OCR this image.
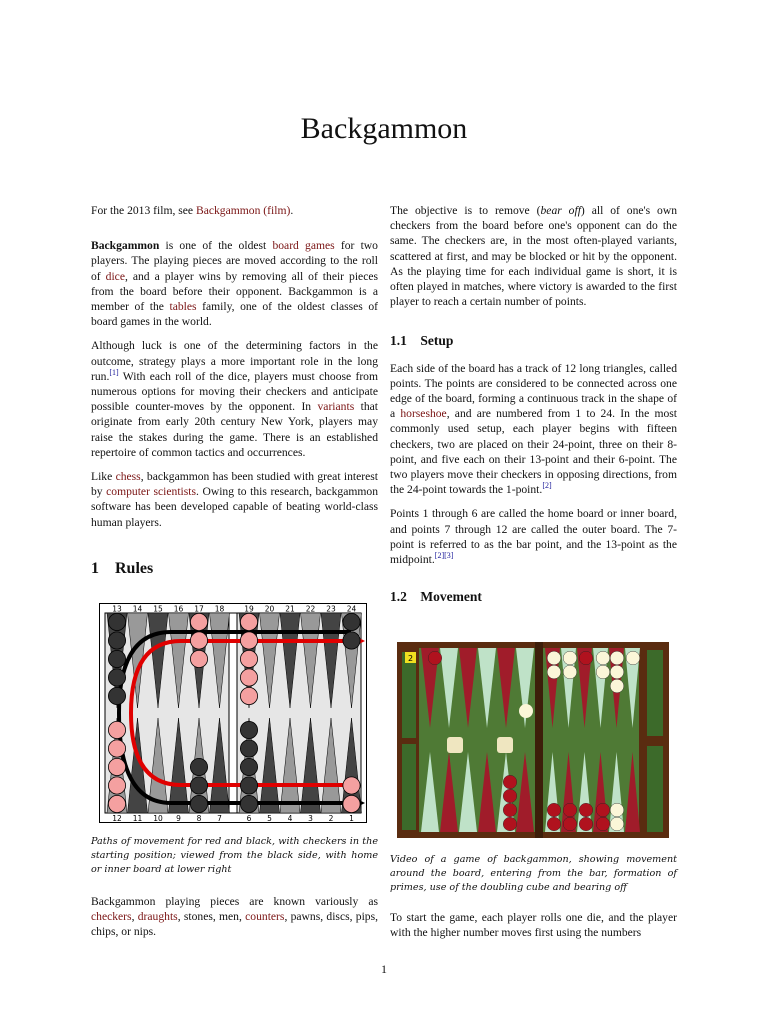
Backgammon

For the 2013 film, see Backgammon (film).

Backgammon is one of the oldest board games for two players. The playing pieces are moved according to the roll of dice, and a player wins by removing all of their pieces from the board before their opponent. Backgammon is a member of the tables family, one of the oldest classes of board games in the world.

Although luck is one of the determining factors in the outcome, strategy plays a more important role in the long run.[1] With each roll of the dice, players must choose from numerous options for moving their checkers and anticipate possible counter-moves by the opponent. In variants that originate from early 20th century New York, players may raise the stakes during the game. There is an established repertoire of common tactics and occurrences.

Like chess, backgammon has been studied with great interest by computer scientists. Owing to this research, backgammon software has been developed capable of beating world-class human players.

1 Rules
13
12
14
11
15
10
16
9
17
8
18
7
19
6
20
5
21
4
22
3
23
2
24
1
Paths of movement for red and black, with checkers in the starting position; viewed from the black side, with home or inner board at lower right

Backgammon playing pieces are known variously as checkers, draughts, stones, men, counters, pawns, discs, pips, chips, or nips.

The objective is to remove (bear off) all of one's own checkers from the board before one's opponent can do the same. The checkers are, in the most often-played variants, scattered at first, and may be blocked or hit by the opponent. As the playing time for each individual game is short, it is often played in matches, where victory is awarded to the first player to reach a certain number of points.

1.1 Setup

Each side of the board has a track of 12 long triangles, called points. The points are considered to be connected across one edge of the board, forming a continuous track in the shape of a horseshoe, and are numbered from 1 to 24. In the most commonly used setup, each player begins with fifteen checkers, two are placed on their 24-point, three on their 8-point, and five each on their 13-point and their 6-point. The two players move their checkers in opposing directions, from the 24-point towards the 1-point.[2]

Points 1 through 6 are called the home board or inner board, and points 7 through 12 are called the outer board. The 7-point is referred to as the bar point, and the 13-point as the midpoint.[2][3]

1.2 Movement
2
Video of a game of backgammon, showing movement around the board, entering from the bar, formation of primes, use of the doubling cube and bearing off

To start the game, each player rolls one die, and the player with the higher number moves first using the numbers

1
